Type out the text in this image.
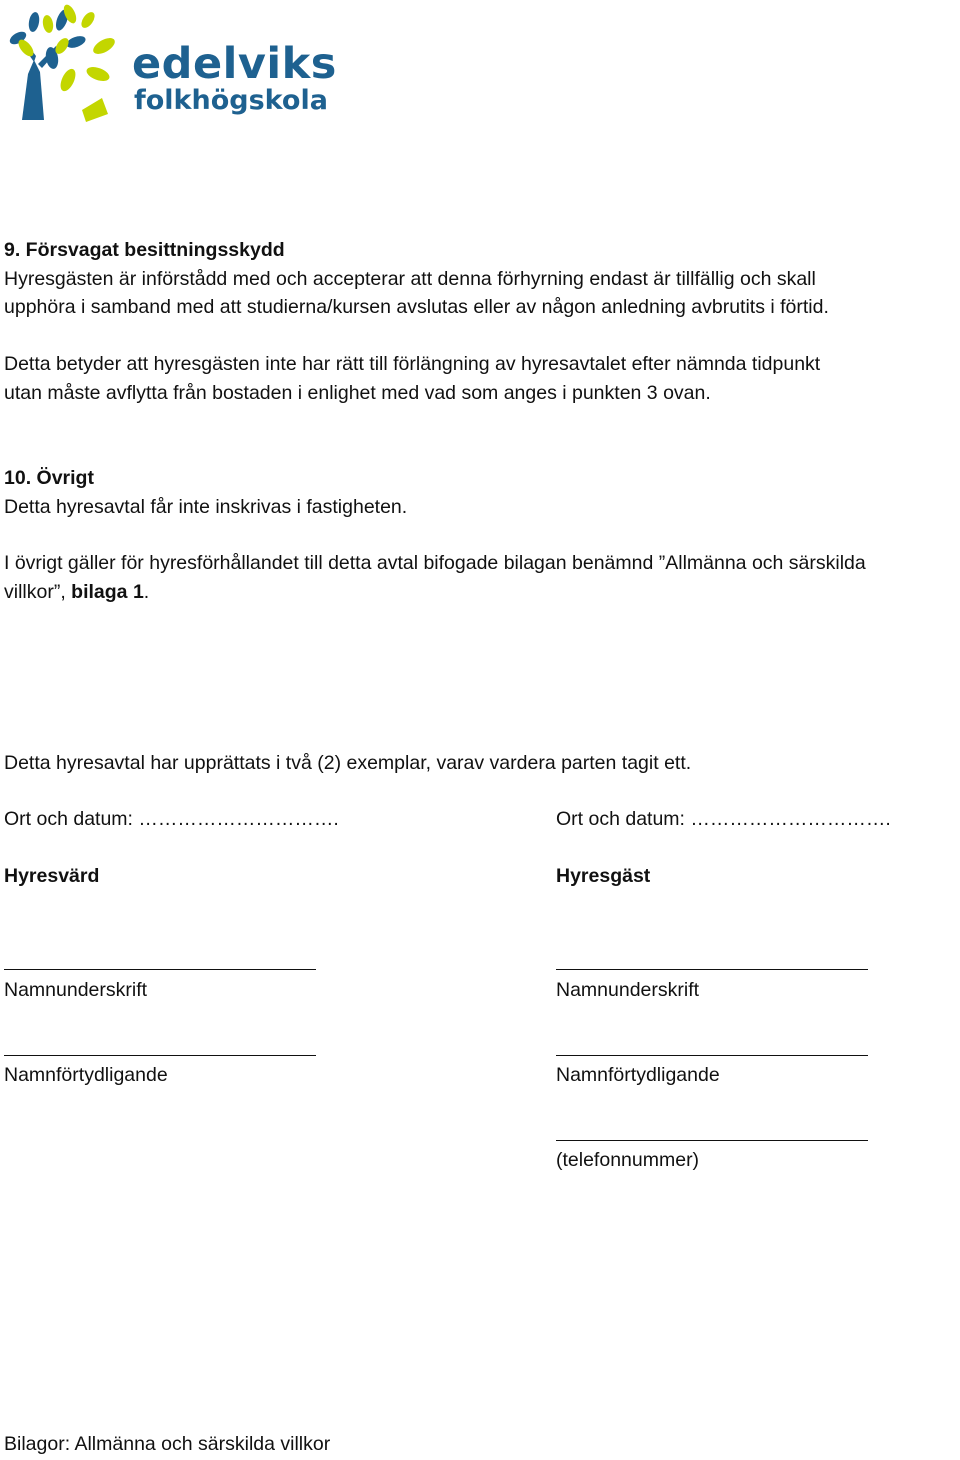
edelviks
folkhögskola
9. Försvagat besittningsskydd
Hyresgästen är införstådd med och accepterar att denna förhyrning endast är tillfällig och skall
upphöra i samband med att studierna/kursen avslutas eller av någon anledning avbrutits i förtid.
Detta betyder att hyresgästen inte har rätt till förlängning av hyresavtalet efter nämnda tidpunkt
utan måste avflytta från bostaden i enlighet med vad som anges i punkten 3 ovan.
10. Övrigt
Detta hyresavtal får inte inskrivas i fastigheten.
I övrigt gäller för hyresförhållandet till detta avtal bifogade bilagan benämnd ”Allmänna och särskilda
villkor”, bilaga 1.
Detta hyresavtal har upprättats i två (2) exemplar, varav vardera parten tagit ett.
Ort och datum: ………………………….
Hyresvärd
Namnunderskrift
Namnförtydligande
Ort och datum: ………………………….
Hyresgäst
Namnunderskrift
Namnförtydligande
(telefonnummer)
Bilagor: Allmänna och särskilda villkor
